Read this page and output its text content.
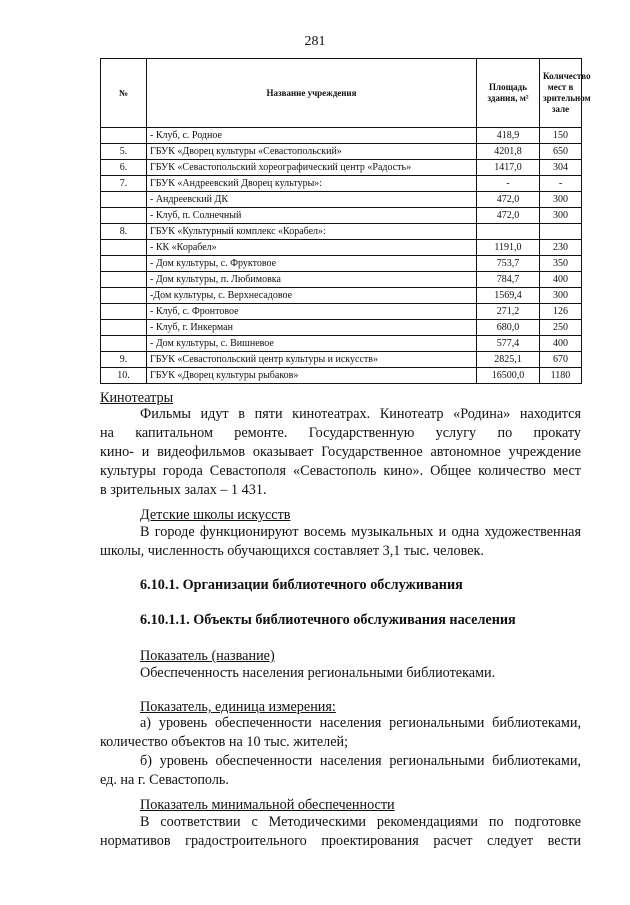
281
№	Название учреждения	Площадь здания, м²	Количество мест в зрительном зале
	- Клуб, с. Родное	418,9	150
5.	ГБУК «Дворец культуры «Севастопольский»	4201,8	650
6.	ГБУК «Севастопольский хореографический центр «Радость»	1417,0	304
7.	ГБУК «Андреевский Дворец культуры»:	-	-
	- Андреевский ДК	472,0	300
	- Клуб, п. Солнечный	472,0	300
8.	ГБУК «Культурный комплекс «Корабел»:		
	- КК «Корабел»	1191,0	230
	- Дом культуры, с. Фруктовое	753,7	350
	- Дом культуры, п. Любимовка	784,7	400
	-Дом культуры, с. Верхнесадовое	1569,4	300
	- Клуб, с. Фронтовое	271,2	126
	- Клуб, г. Инкерман	680,0	250
	- Дом культуры, с. Вишневое	577,4	400
9.	ГБУК «Севастопольский центр культуры и искусств»	2825,1	670
10.	ГБУК «Дворец культуры рыбаков»	16500,0	1180
Кинотеатры
Фильмы идут в пяти кинотеатрах. Кинотеатр «Родина» находится
на капитальном ремонте. Государственную услугу по прокату
кино- и видеофильмов оказывает Государственное автономное учреждение
культуры города Севастополя «Севастополь кино». Общее количество мест
в зрительных залах – 1 431.
Детские школы искусств
В городе функционируют восемь музыкальных и одна художественная
школы, численность обучающихся составляет 3,1 тыс. человек.
6.10.1. Организации библиотечного обслуживания
6.10.1.1. Объекты библиотечного обслуживания населения
Показатель (название)
Обеспеченность населения региональными библиотеками.
Показатель, единица измерения:
а) уровень обеспеченности населения региональными библиотеками,
количество объектов на 10 тыс. жителей;
б) уровень обеспеченности населения региональными библиотеками,
ед. на г. Севастополь.
Показатель минимальной обеспеченности
В соответствии с Методическими рекомендациями по подготовке
нормативов градостроительного проектирования расчет следует вести
